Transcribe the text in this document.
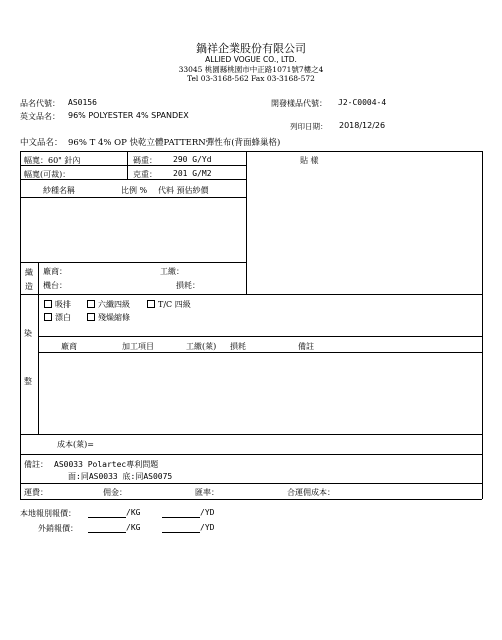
鍋祥企業股份有限公司
ALLIED VOGUE CO., LTD.
33045 桃園縣桃園市中正路1071號7樓之4
Tel 03-3168-562 Fax 03-3168-572
品名代號： AS0156	開發樣品代號： J2-C0004-4
英文品名： 96% POLYESTER 4% SPANDEX
列印日期： 2018/12/26
中文品名： 96% T 4% OP 快乾立體PATTERN彈性布(背面蜂巢格)
幅寬：60" 針內	碼重： 290 G/Yd	貼 樣
幅寬(可裁)：	克重： 201 G/M2
紗種名稱	比例 % 代料 預估紗價
織
造
廠商：	工繳：
機台：	損耗：
染
整
吸排	六纖四級	T/C 四級
漂白	殘燥縮條
廠商	加工項目	工繳(萊) 損耗	備註
成本(萊)=
備註： AS0033 Polartec專利問題
面:同AS0033 底:同AS0075
運費：	佣金：	匯率：	合運佣成本：
本地報別報價：	/KG	/YD
外銷報價：	/KG	/YD
